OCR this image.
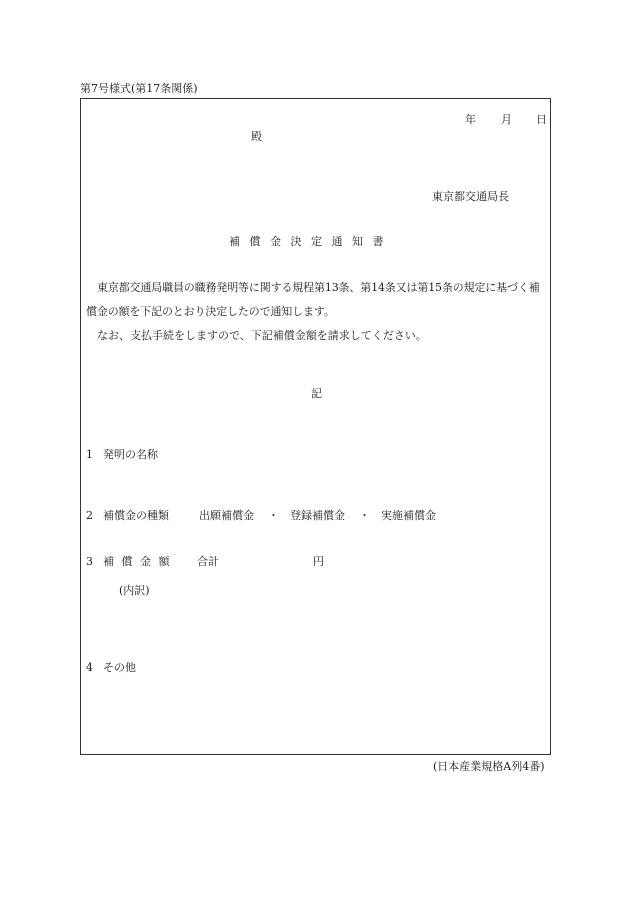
第7号様式(第17条関係)
年 月 日
殿
東京都交通局長
補 償 金 決 定 通 知 書

東京都交通局職員の職務発明等に関する規程第13条、第14条又は第15条の規定に基づく補償金の額を下記のとおり決定したので通知します。

なお、支払手続をしますので、下記補償金額を請求してください。

記
1 発明の名称
2 補償金の種類	出願補償金 ・ 登録補償金 ・ 実施補償金
3 補 償 金 額 合計	円
(内訳)
4 その他
(日本産業規格A列4番)
